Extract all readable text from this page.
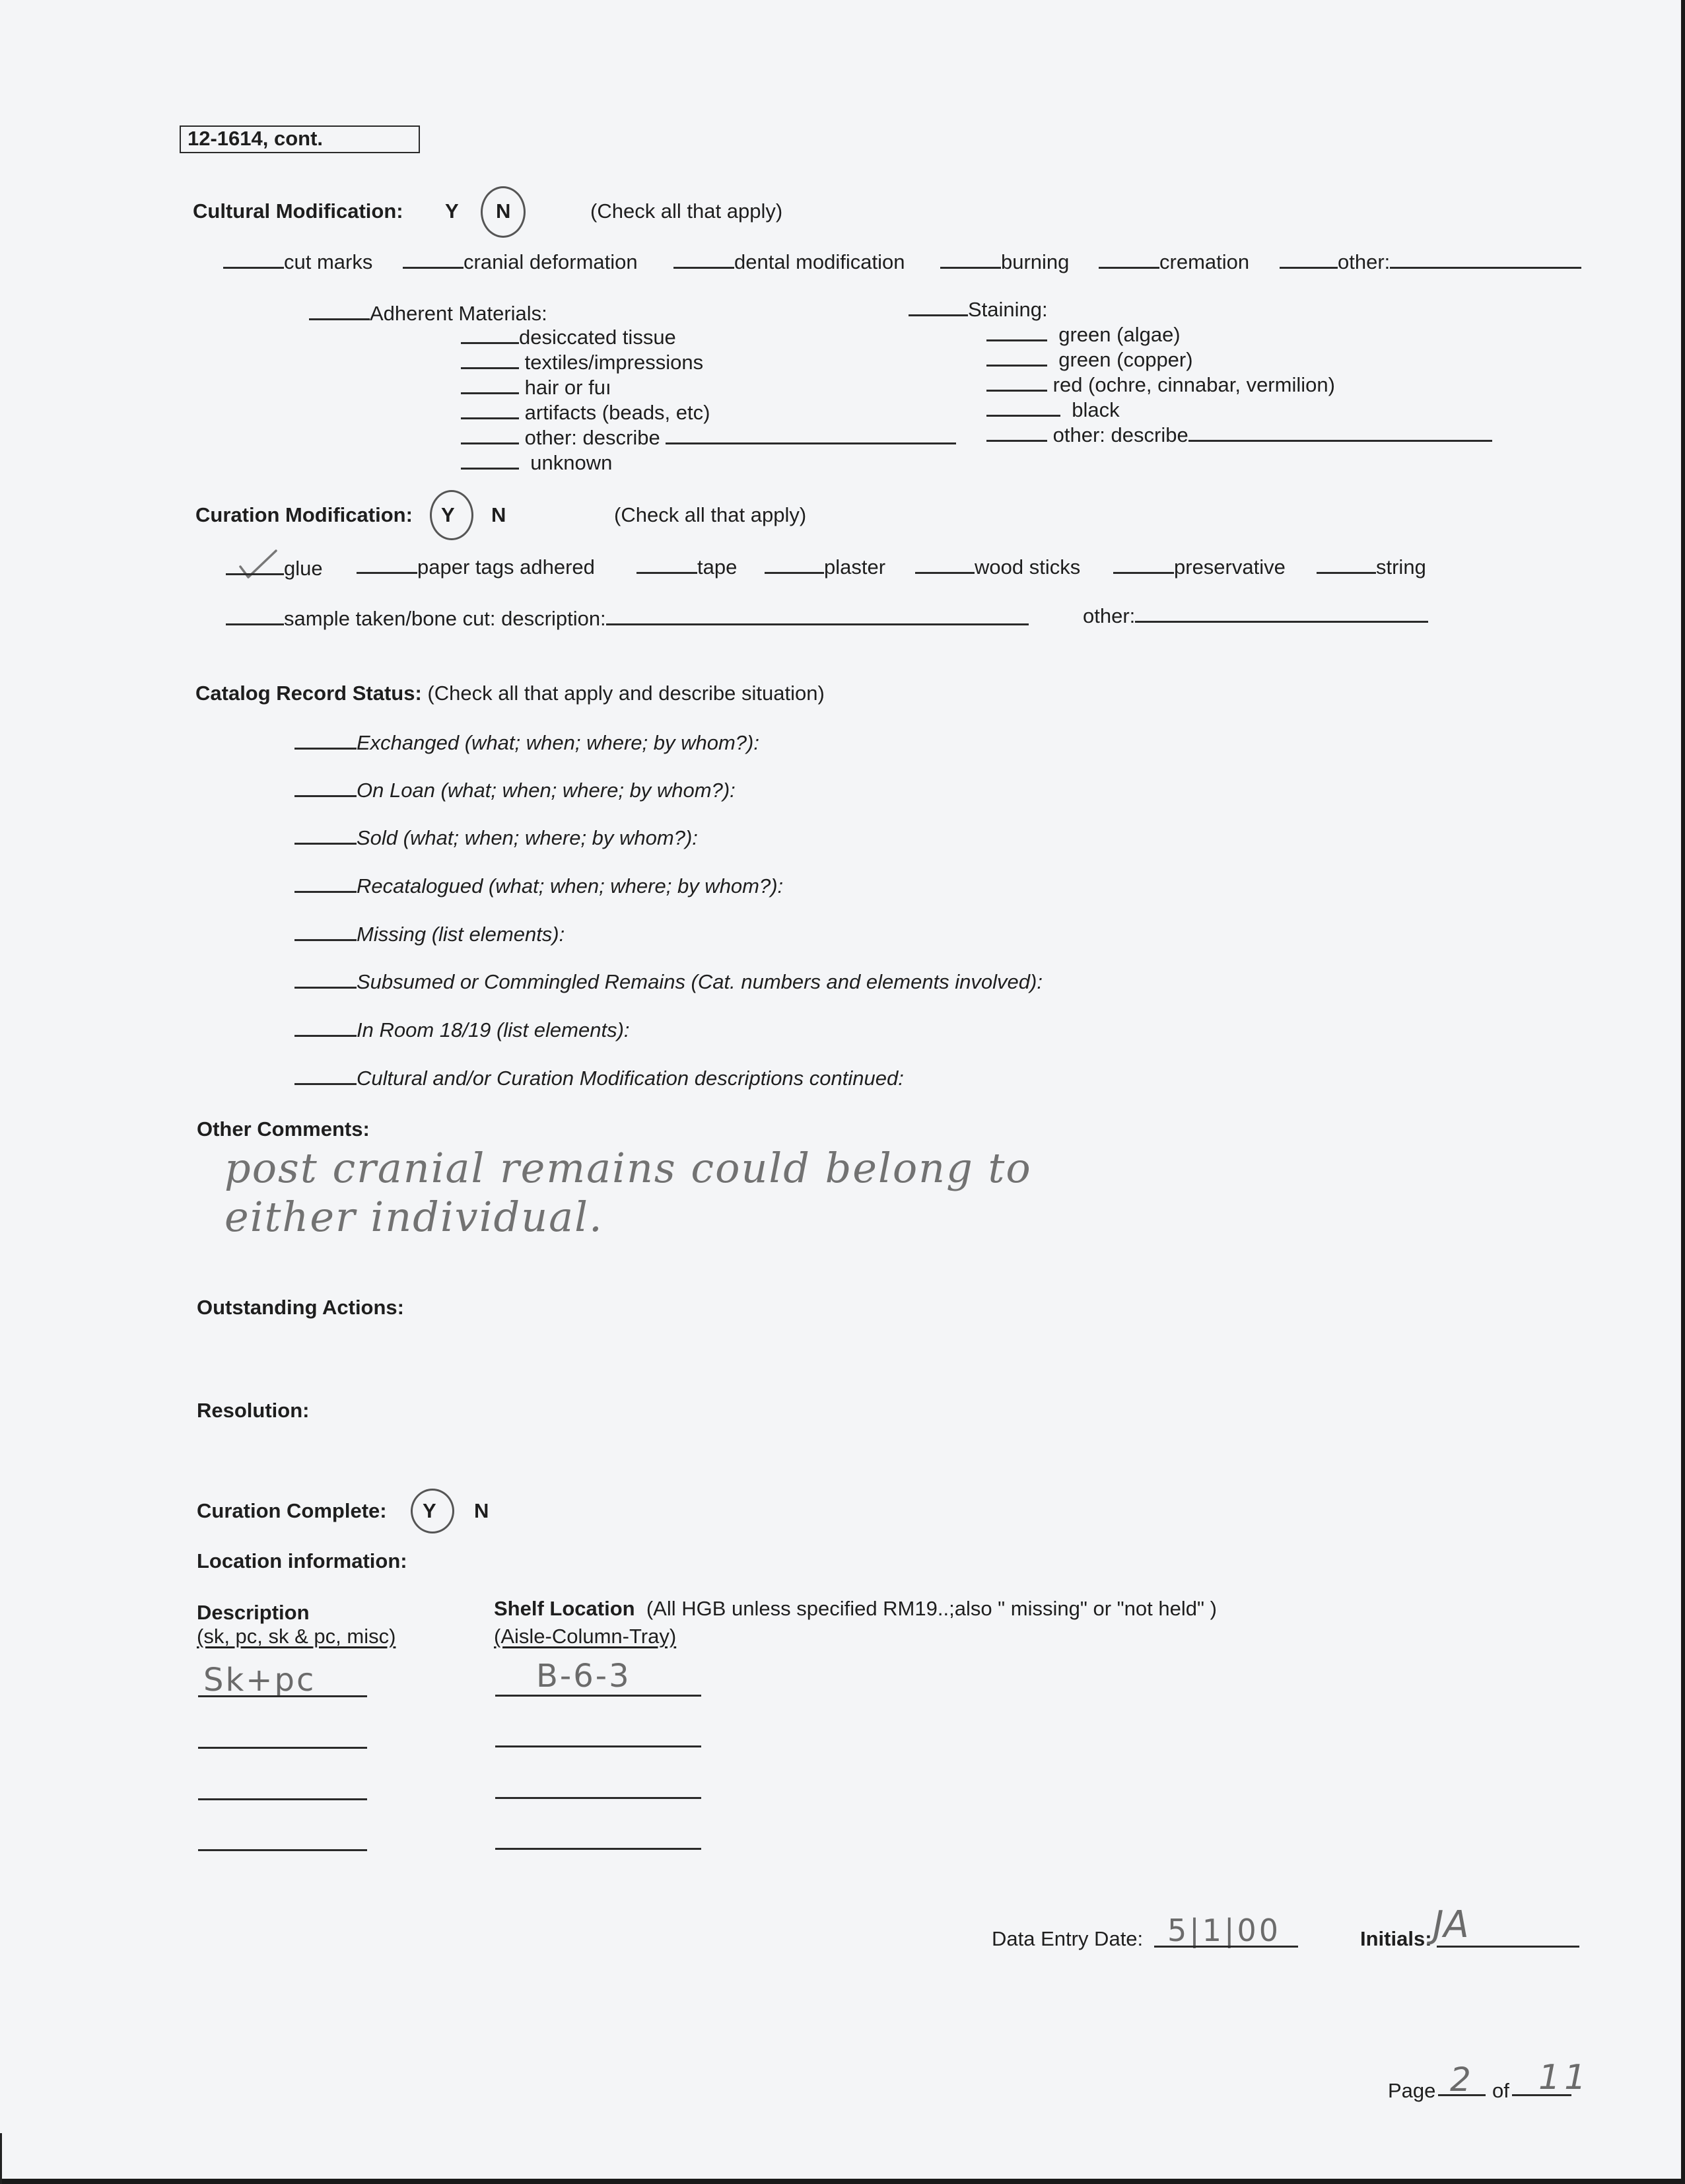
12-1614, cont.
Cultural Modification: Y N	(Check all that apply)
cut marks	cranial deformation	dental modification	burning	cremation	other:
Adherent Materials:
desiccated tissue
textiles/impressions
hair or fuı
artifacts (beads, etc)
other: describe
unknown
Staining:
green (algae)
green (copper)
red (ochre, cinnabar, vermilion)
black
other: describe
Curation Modification: Y N	(Check all that apply)
glue	paper tags adhered	tape	plaster	wood sticks	preservative	string
sample taken/bone cut: description:	other:
Catalog Record Status: (Check all that apply and describe situation)
Exchanged (what; when; where; by whom?):
On Loan (what; when; where; by whom?):
Sold (what; when; where; by whom?):
Recatalogued (what; when; where; by whom?):
Missing (list elements):
Subsumed or Commingled Remains (Cat. numbers and elements involved):
In Room 18/19 (list elements):
Cultural and/or Curation Modification descriptions continued:
Other Comments:
post cranial remains could belong to
either individual.
Outstanding Actions:
Resolution:
Curation Complete: Y N
Location information:
Description
(sk, pc, sk & pc, misc)
Shelf Location (All HGB unless specified RM19..;also " missing" or "not held" )
(Aisle-Column-Tray)
Sk+pc	B-6-3
Data Entry Date: 5|1|00	Initials: JA
Page 2 of 11
